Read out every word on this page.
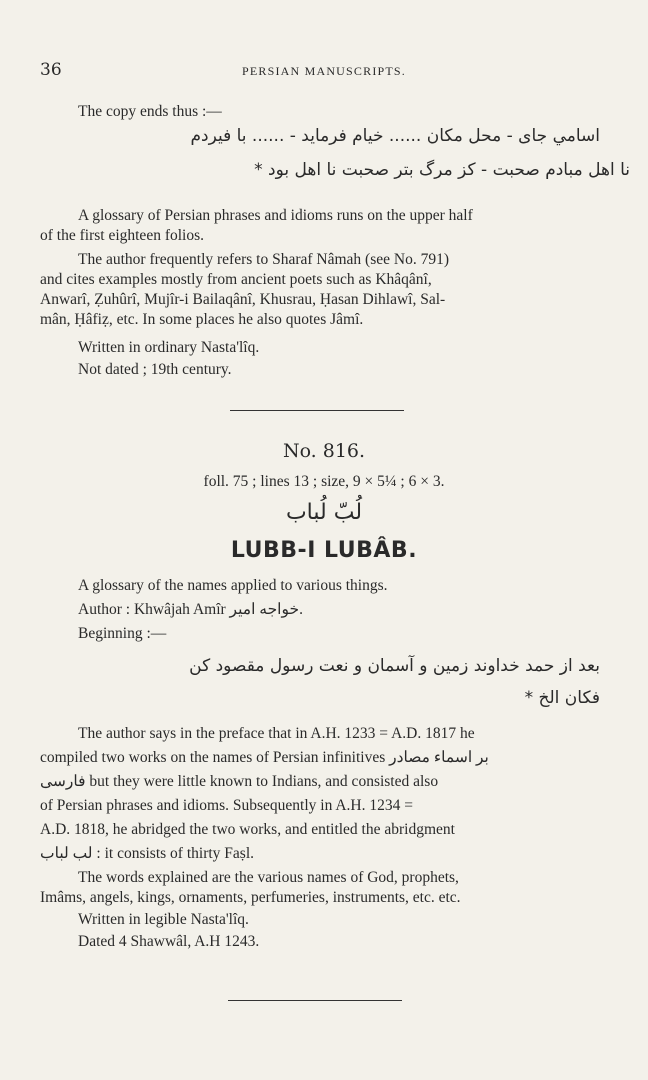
36	PERSIAN MANUSCRIPTS.
The copy ends thus :—
اسامي جاى - محل مكان ...... خيام فرمايد - ...... با فيردم
نا اهل مبادم صحبت - كز مرگ بتر صحبت نا اهل بود *
A glossary of Persian phrases and idioms runs on the upper half
of the first eighteen folios.
The author frequently refers to Sharaf Nâmah (see No. 791)
and cites examples mostly from ancient poets such as Khâqânî,
Anwarî, Ẓuhûrî, Mujîr-i Bailaqânî, Khusrau, Ḥasan Dihlawî, Sal-
mân, Ḥâfiẓ, etc. In some places he also quotes Jâmî.
Written in ordinary Nasta'lîq.
Not dated ; 19th century.
No. 816.
foll. 75 ; lines 13 ; size, 9 × 5¼ ; 6 × 3.
لُبّ لُباب
LUBB-I LUBÂB.
A glossary of the names applied to various things.
Author : Khwâjah Amîr خواجه امير.
Beginning :—
بعد از حمد خداوند زمين و آسمان و نعت رسول مقصود كن
فكان الخ *
The author says in the preface that in A.H. 1233 = A.D. 1817 he
compiled two works on the names of Persian infinitives بر اسماء مصادر
فارسى but they were little known to Indians, and consisted also
of Persian phrases and idioms. Subsequently in A.H. 1234 =
A.D. 1818, he abridged the two works, and entitled the abridgment
لب لباب : it consists of thirty Faṣl.
The words explained are the various names of God, prophets,
Imâms, angels, kings, ornaments, perfumeries, instruments, etc. etc.
Written in legible Nasta'lîq.
Dated 4 Shawwâl, A.H 1243.
